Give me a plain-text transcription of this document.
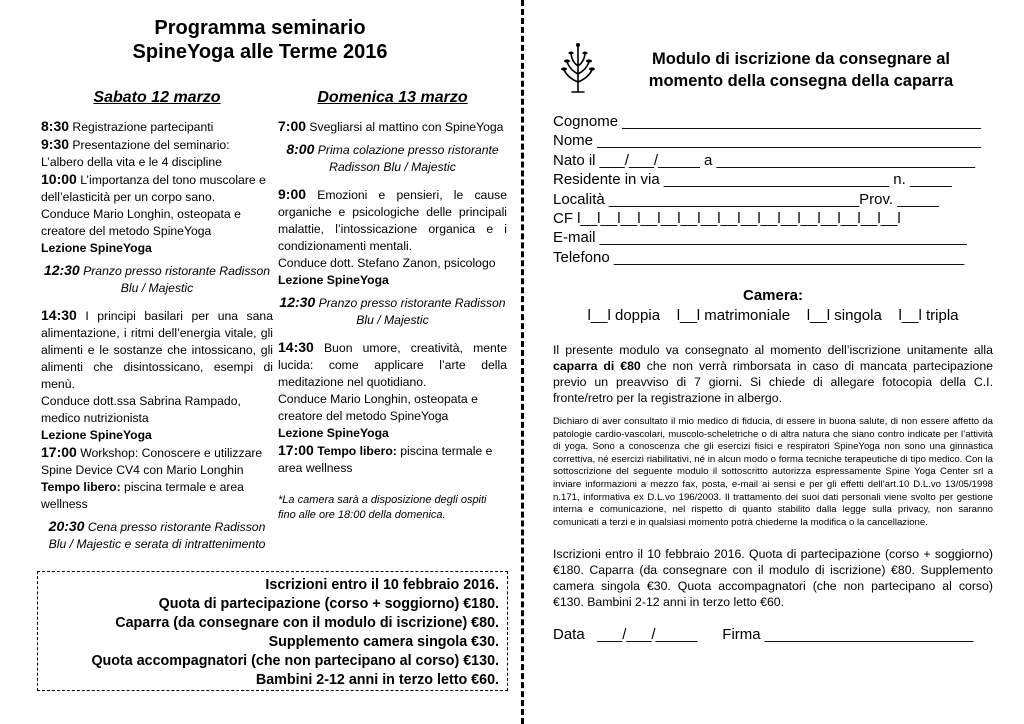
Programma seminario
SpineYoga alle Terme 2016
Sabato 12 marzo
8:30 Registrazione partecipanti
9:30 Presentazione del seminario: L’albero della vita e le 4 discipline
10:00 L’importanza del tono muscolare e dell’elasticità per un corpo sano.
Conduce Mario Longhin, osteopata e creatore del metodo SpineYoga
Lezione SpineYoga
12:30 Pranzo presso ristorante Radisson Blu / Majestic
14:30 I principi basilari per una sana alimentazione, i ritmi dell’energia vitale, gli alimenti e le sostanze che intossicano, gli alimenti che disintossicano, esempi di menù.
Conduce dott.ssa Sabrina Rampado, medico nutrizionista
Lezione SpineYoga
17:00 Workshop: Conoscere e utilizzare Spine Device CV4 con Mario Longhin
Tempo libero: piscina termale e area wellness
20:30 Cena presso ristorante Radisson Blu / Majestic e serata di intrattenimento
Domenica 13 marzo
7:00 Svegliarsi al mattino con SpineYoga
8:00 Prima colazione presso ristorante Radisson Blu / Majestic
9:00 Emozioni e pensieri, le cause organiche e psicologiche delle principali malattie, l’intossicazione organica e i condizionamenti mentali.
Conduce dott. Stefano Zanon, psicologo
Lezione SpineYoga
12:30 Pranzo presso ristorante Radisson Blu / Majestic
14:30 Buon umore, creatività, mente lucida: come applicare l’arte della meditazione nel quotidiano.
Conduce Mario Longhin, osteopata e creatore del metodo SpineYoga
Lezione SpineYoga
17:00 Tempo libero: piscina termale e area wellness
*La camera sarà a disposizione degli ospiti fino alle ore 18:00 della domenica.
Iscrizioni entro il 10 febbraio 2016.
Quota di partecipazione (corso + soggiorno) €180.
Caparra (da consegnare con il modulo di iscrizione) €80.
Supplemento camera singola €30.
Quota accompagnatori (che non partecipano al corso) €130.
Bambini 2-12 anni in terzo letto €60.
Modulo di iscrizione da consegnare al
momento della consegna della caparra
Cognome ___________________________________________
Nome ______________________________________________
Nato il ___/___/_____ a _______________________________
Residente in via ___________________________ n. _____
Località ______________________________Prov. _____
CF l__l__l__l__l__l__l__l__l__l__l__l__l__l__l__l__l
E-mail ____________________________________________
Telefono __________________________________________
Camera:
l__l doppia    l__l matrimoniale    l__l singola    l__l tripla
Il presente modulo va consegnato al momento dell’iscrizione unitamente alla caparra di €80 che non verrà rimborsata in caso di mancata partecipazione previo un preavviso di 7 giorni. Si chiede di allegare fotocopia della C.I. fronte/retro per la registrazione in albergo.
Dichiaro di aver consultato il mio medico di fiducia, di essere in buona salute, di non essere affetto da patologie cardio-vascolari, muscolo-scheletriche o di altra natura che siano contro indicate per l’attività di yoga. Sono a conoscenza che gli esercizi fisici e respiratori SpineYoga non sono una ginnastica correttiva, né esercizi riabilitativi, né in alcun modo o forma tecniche terapeutiche di tipo medico. Con la sottoscrizione del seguente modulo il sottoscritto autorizza espressamente Spine Yoga Center srl a inviare informazioni a mezzo fax, posta, e-mail ai sensi e per gli effetti dell’art.10 D.L.vo 13/05/1998 n.171, informativa ex D.L.vo 196/2003. Il trattamento dei suoi dati personali viene svolto per gestione interna e comunicazione, nel rispetto di quanto stabilito dalla legge sulla privacy, non saranno comunicati a terzi e in qualsiasi momento potrà chiederne la modifica o la cancellazione.
Iscrizioni entro il 10 febbraio 2016. Quota di partecipazione (corso + soggiorno) €180. Caparra (da consegnare con il modulo di iscrizione) €80. Supplemento camera singola €30. Quota accompagnatori (che non partecipano al corso) €130. Bambini 2-12 anni in terzo letto €60.
Data   ___/___/_____      Firma _________________________
